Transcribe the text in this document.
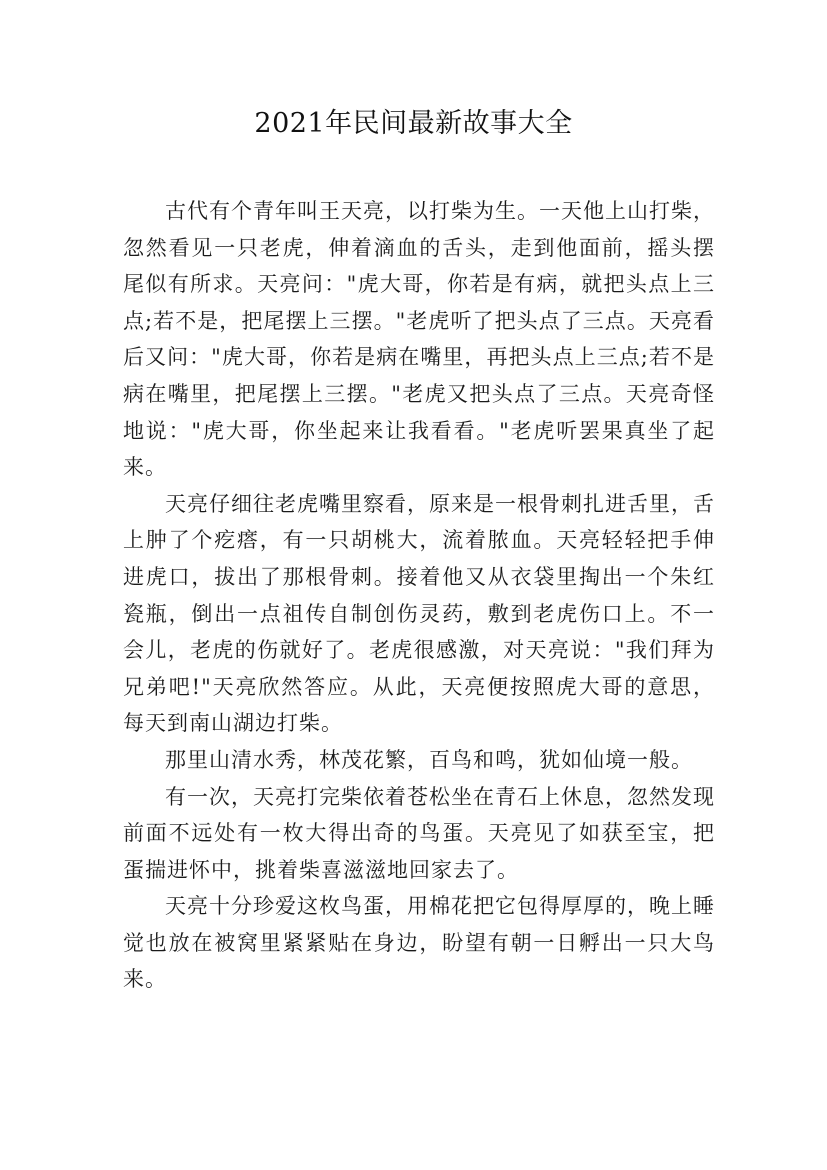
2021年民间最新故事大全

古代有个青年叫王天亮，以打柴为生。一天他上山打柴，忽然看见一只老虎，伸着滴血的舌头，走到他面前，摇头摆尾似有所求。天亮问："虎大哥，你若是有病，就把头点上三点;若不是，把尾摆上三摆。"老虎听了把头点了三点。天亮看后又问："虎大哥，你若是病在嘴里，再把头点上三点;若不是病在嘴里，把尾摆上三摆。"老虎又把头点了三点。天亮奇怪地说："虎大哥，你坐起来让我看看。"老虎听罢果真坐了起来。

天亮仔细往老虎嘴里察看，原来是一根骨刺扎进舌里，舌上肿了个疙瘩，有一只胡桃大，流着脓血。天亮轻轻把手伸进虎口，拔出了那根骨刺。接着他又从衣袋里掏出一个朱红瓷瓶，倒出一点祖传自制创伤灵药，敷到老虎伤口上。不一会儿，老虎的伤就好了。老虎很感激，对天亮说："我们拜为兄弟吧!"天亮欣然答应。从此，天亮便按照虎大哥的意思，每天到南山湖边打柴。

那里山清水秀，林茂花繁，百鸟和鸣，犹如仙境一般。

有一次，天亮打完柴依着苍松坐在青石上休息，忽然发现前面不远处有一枚大得出奇的鸟蛋。天亮见了如获至宝，把蛋揣进怀中，挑着柴喜滋滋地回家去了。

天亮十分珍爱这枚鸟蛋，用棉花把它包得厚厚的，晚上睡觉也放在被窝里紧紧贴在身边，盼望有朝一日孵出一只大鸟来。
